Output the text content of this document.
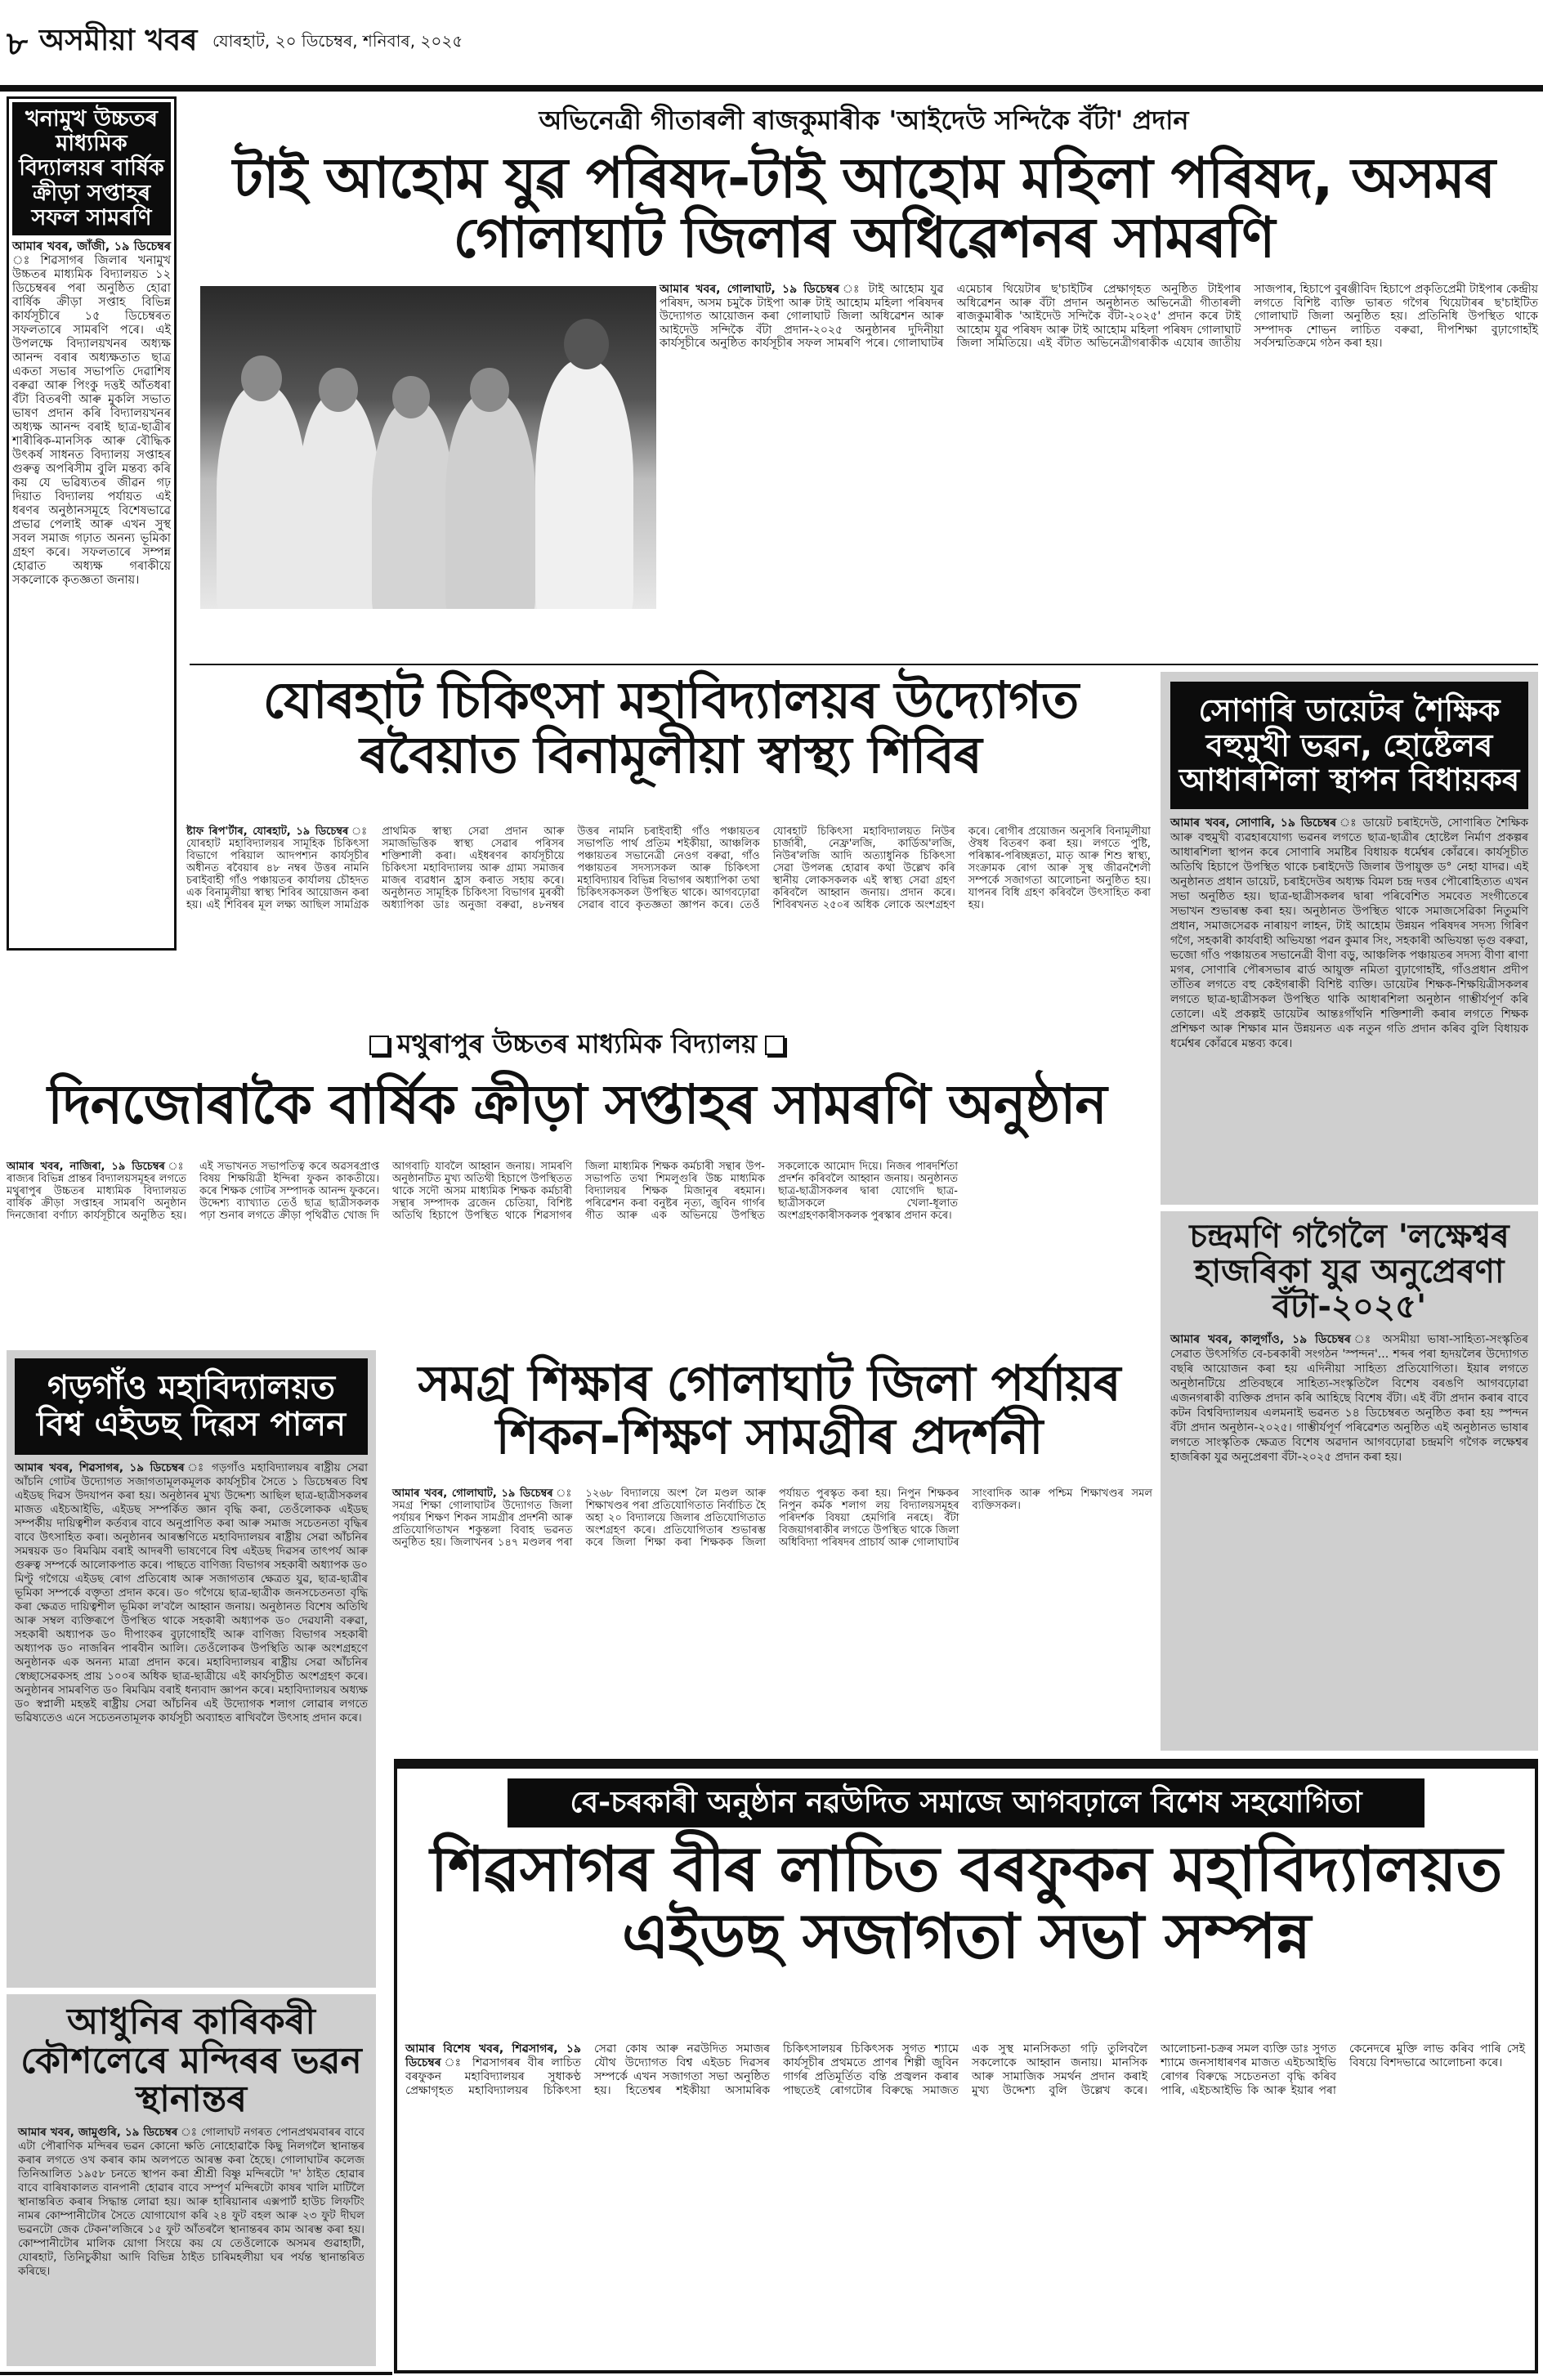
৮ অসমীয়া খবৰ যোৰহাট, ২০ ডিচেম্বৰ, শনিবাৰ, ২০২৫
খনামুখ উচ্চতৰ মাধ্যমিক বিদ্যালয়ৰ বাৰ্ষিক ক্ৰীড়া সপ্তাহৰ সফল সামৰণি

আমাৰ খবৰ, জাঁজী, ১৯ ডিচেম্বৰ ঃ শিৱসাগৰ জিলাৰ খনামুখ উচ্চতৰ মাধ্যমিক বিদ্যালয়ত ১২ ডিচেম্বৰৰ পৰা অনুষ্ঠিত হোৱা বাৰ্ষিক ক্ৰীড়া সপ্তাহ বিভিন্ন কাৰ্যসূচীৰে ১৫ ডিচেম্বৰত সফলতাৰে সামৰণি পৰে। এই উপলক্ষে বিদ্যালয়খনৰ অধ্যক্ষ আনন্দ বৰাৰ অধ্যক্ষতাত ছাত্ৰ একতা সভাৰ সভাপতি দেৱাশিষ বৰুৱা আৰু পিংকু দত্তই আঁতধৰা বঁটা বিতৰণী আৰু মুকলি সভাত ভাষণ প্ৰদান কৰি বিদ্যালয়খনৰ অধ্যক্ষ আনন্দ বৰাই ছাত্ৰ-ছাত্ৰীৰ শাৰীৰিক-মানসিক আৰু বৌদ্ধিক উৎকৰ্ষ সাধনত বিদ্যালয় সপ্তাহৰ গুৰুত্ব অপৰিসীম বুলি মন্তব্য কৰি কয় যে ভৱিষ্যতৰ জীৱন গঢ় দিয়াত বিদ্যালয় পৰ্যায়ত এই ধৰণৰ অনুষ্ঠানসমূহে বিশেষভাৱে প্ৰভাৱ পেলাই আৰু এখন সুস্থ সবল সমাজ গঢ়াত অনন্য ভূমিকা গ্ৰহণ কৰে। সফলতাৰে সম্পন্ন হোৱাত অধ্যক্ষ গৰাকীয়ে সকলোকে কৃতজ্ঞতা জনায়।

অভিনেত্ৰী গীতাৰলী ৰাজকুমাৰীক 'আইদেউ সন্দিকৈ বঁটা' প্ৰদান
টাই আহোম যুৱ পৰিষদ-টাই আহোম মহিলা পৰিষদ, অসমৰ গোলাঘাট জিলাৰ অধিৱেশনৰ সামৰণি

আমাৰ খবৰ, গোলাঘাট, ১৯ ডিচেম্বৰ ঃ টাই আহোম যুৱ পৰিষদ, অসম চমুকৈ টাইপা আৰু টাই আহোম মহিলা পৰিষদৰ উদ্যোগত আয়োজন কৰা গোলাঘাট জিলা অধিৱেশন আৰু আইদেউ সন্দিকৈ বঁটা প্ৰদান-২০২৫ অনুষ্ঠানৰ দুদিনীয়া কাৰ্যসূচীৰে অনুষ্ঠিত কাৰ্যসূচীৰ সফল সামৰণি পৰে। গোলাঘাটৰ এমেচাৰ থিয়েটাৰ ছ'চাইটিৰ প্ৰেক্ষাগৃহত অনুষ্ঠিত টাইপাৰ অধিৱেশন আৰু বঁটা প্ৰদান অনুষ্ঠানত অভিনেত্ৰী গীতাৰলী ৰাজকুমাৰীক 'আইদেউ সন্দিকৈ বঁটা-২০২৫' প্ৰদান কৰে টাই আহোম যুৱ পৰিষদ আৰু টাই আহোম মহিলা পৰিষদ গোলাঘাট জিলা সমিতিয়ে। এই বঁটাত অভিনেত্ৰীগৰাকীক এযোৰ জাতীয় সাজপাৰ, হিচাপে বুৰঞ্জীবিদ হিচাপে প্ৰকৃতিপ্ৰেমী টাইপাৰ কেন্দ্ৰীয় লগতে বিশিষ্ট ব্যক্তি ভাৰত গগৈৰ থিয়েটাৰৰ ছ'চাইটিত গোলাঘাট জিলা অনুষ্ঠিত হয়। প্ৰতিনিধি উপস্থিত থাকে সম্পাদক শোভন লাচিত বৰুৱা, দীপশিক্ষা বুঢ়াগোহাঁই সৰ্বসন্মতিক্ৰমে গঠন কৰা হয়।

যোৰহাট চিকিৎসা মহাবিদ্যালয়ৰ উদ্যোগত ৰবৈয়াত বিনামূলীয়া স্বাস্থ্য শিবিৰ

ষ্টাফ ৰিপ'ৰ্টাৰ, যোৰহাট, ১৯ ডিচেম্বৰ যোৰহাট মহাবিদ্যালয়ৰ সামূহিক চিকিৎসা বিভাগে পৰিয়াল আদপশ্যন কাৰ্যসূচীৰ অধীনত ৰবৈয়াৰ ৪৮ নম্বৰ উত্তৰ নামনি চৰাইবাহী গাঁও পঞ্চায়তৰ কাৰ্যালয় চৌহদত এক বিনামূলীয়া স্বাস্থ্য শিবিৰ আয়োজন কৰা হয়। এই শিবিৰৰ মূল লক্ষ্য আছিল সামগ্ৰিক প্ৰাথমিক স্বাস্থ্য সেৱা প্ৰদান আৰু সমাজভিত্তিক স্বাস্থ্য সেৱাৰ পৰিসৰ শক্তিশালী কৰা। এইধৰণৰ কাৰ্যসূচীয়ে চিকিৎসা মহাবিদ্যালয় আৰু গ্ৰাম্য সমাজৰ মাজৰ ব্যৱধান হ্ৰাস কৰাত সহায় কৰে। অনুষ্ঠানত সামূহিক চিকিৎসা বিভাগৰ মুৰব্বী অধ্যাপিকা ডাঃ অনুজা বৰুৱা, ৪৮নম্বৰ উত্তৰ নামনি চৰাইবাহী গাঁও পঞ্চায়তৰ সভাপতি পাৰ্থ প্ৰতিম শইকীয়া, আঞ্চলিক পঞ্চায়তৰ সভানেত্ৰী নেওগ বৰুৱা, গাঁও পঞ্চায়তৰ সদস্যসকল আৰু চিকিৎসা মহাবিদ্যায়ৰ বিভিন্ন বিভাগৰ অধ্যাপিকা তথা চিকিৎসকসকল উপস্থিত থাকে। আগবঢ়োৱা সেৱাৰ বাবে কৃতজ্ঞতা জ্ঞাপন কৰে। তেওঁ যোৰহাট চিকিৎসা মহাবিদ্যালয়ত নিউৰ চাৰ্জাৰী, নেফ্ৰ'লজি, কাৰ্ডিঅ'লজি, নিউৰ'লজি আদি অত্যাধুনিক চিকিৎসা সেৱা উপলব্ধ হোৱাৰ কথা উল্লেখ কৰি স্থানীয় লোকসকলক এই স্বাস্থ্য সেৱা গ্ৰহণ কৰিবলৈ আহ্বান জনায়। প্ৰদান কৰে। শিবিৰখনত ২৫০ৰ অধিক লোকে অংশগ্ৰহণ কৰে। ৰোগীৰ প্ৰয়োজন অনুসৰি বিনামূলীয়া ঔষধ বিতৰণ কৰা হয়। লগতে পুষ্টি, পৰিষ্কাৰ-পৰিচ্ছন্নতা, মাতৃ আৰু শিশু স্বাস্থ্য, সংক্ৰামক ৰোগ আৰু সুস্থ জীৱনশৈলী সম্পৰ্কে সজাগতা আলোচনা অনুষ্ঠিত হয়। যাপনৰ বিধি গ্ৰহণ কৰিবলৈ উৎসাহিত কৰা হয়।

সোণাৰি ডায়েটৰ শৈক্ষিক বহুমুখী ভৱন, হোষ্টেলৰ আধাৰশিলা স্থাপন বিধায়কৰ

আমাৰ খবৰ, সোণাৰি, ১৯ ডিচেম্বৰ ঃ ডায়েট চৰাইদেউ, সোণাৰিত শৈক্ষিক আৰু বহুমুখী ব্যৱহাৰযোগ্য ভৱনৰ লগতে ছাত্ৰ-ছাত্ৰীৰ হোষ্টেল নিৰ্মাণ প্ৰকল্পৰ আধাৰশিলা স্থাপন কৰে সোণাৰি সমষ্টিৰ বিধায়ক ধৰ্মেশ্বৰ কোঁৱৰে। কাৰ্যসূচীত অতিথি হিচাপে উপস্থিত থাকে চৰাইদেউ জিলাৰ উপায়ুক্ত ড° নেহা যাদৱ। এই অনুষ্ঠানত প্ৰধান ডায়েট, চৰাইদেউৰ অধ্যক্ষ বিমল চন্দ্ৰ দত্তৰ পৌৰোহিত্যত এখন সভা অনুষ্ঠিত হয়। ছাত্ৰ-ছাত্ৰীসকলৰ দ্বাৰা পৰিবেশিত সমবেত সংগীতেৰে সভাখন শুভাৰম্ভ কৰা হয়। অনুষ্ঠানত উপস্থিত থাকে সমাজসেৱিকা নিতুমণি প্ৰধান, সমাজসেৱক নাৰায়ণ লাহন, টাই আহোম উন্নয়ন পৰিষদৰ সদস্য গিৰিণ গগৈ, সহকাৰী কাৰ্যবাহী অভিযন্তা পৱন কুমাৰ সিং, সহকাৰী অভিযন্তা ভৃগু বৰুৱা, ভজো গাঁও পঞ্চায়তৰ সভানেত্ৰী বীণা বড়ু, আঞ্চলিক পঞ্চায়তৰ সদস্য বীণা ৰাণা মগৰ, সোণাৰি পৌৰসভাৰ ৱাৰ্ড আয়ুক্ত নমিতা বুঢ়াগোহাঁই, গাঁওপ্ৰধান প্ৰদীপ তাঁতিৰ লগতে বহু কেইগৰাকী বিশিষ্ট ব্যক্তি। ডায়েটৰ শিক্ষক-শিক্ষয়িত্ৰীসকলৰ লগতে ছাত্ৰ-ছাত্ৰীসকল উপস্থিত থাকি আধাৰশিলা অনুষ্ঠান গাম্ভীৰ্যপূৰ্ণ কৰি তোলে। এই প্ৰকল্পই ডায়েটৰ আন্তঃগাঁথনি শক্তিশালী কৰাৰ লগতে শিক্ষক প্ৰশিক্ষণ আৰু শিক্ষাৰ মান উন্নয়নত এক নতুন গতি প্ৰদান কৰিব বুলি বিধায়ক ধৰ্মেশ্বৰ কোঁৱৰে মন্তব্য কৰে।

মথুৰাপুৰ উচ্চতৰ মাধ্যমিক বিদ্যালয়
দিনজোৰাকৈ বাৰ্ষিক ক্ৰীড়া সপ্তাহৰ সামৰণি অনুষ্ঠান

আমাৰ খবৰ, নাজিৰা, ১৯ ডিচেম্বৰ ৰাজ্যৰ বিভিন্ন প্ৰান্তৰ বিদ্যালয়সমূহৰ লগতে মথুৰাপুৰ উচ্চতৰ মাধ্যমিক বিদ্যালয়ত বাৰ্ষিক ক্ৰীড়া সপ্তাহৰ সামৰণি অনুষ্ঠান দিনজোৰা বৰ্ণাঢ্য কাৰ্যসূচীৰে অনুষ্ঠিত হয়। এই সভাখনত সভাপতিত্ব কৰে অৱসৰপ্ৰাপ্ত বিষয় শিক্ষয়িত্ৰী ইন্দিৰা ফুকন কাকতীয়ে। কৰে শিক্ষক গোটৰ সম্পাদক আনন্দ ফুকনে। উদ্দেশ্য ব্যাখ্যাত তেওঁ ছাত্ৰ ছাত্ৰীসকলক পঢ়া শুনাৰ লগতে ক্ৰীড়া পৃথিৱীত খোজ দি আগবাঢ়ি যাবলৈ আহ্বান জনায়। সামৰণি অনুষ্ঠানটিত মুখ্য অতিথী হিচাপে উপস্থিতত থাকে সদৌ অসম মাধ্যমিক শিক্ষক কৰ্মচাৰী সন্থাৰ সম্পাদক ব্ৰজেন চেতিয়া, বিশিষ্ট অতিথি হিচাপে উপস্থিত থাকে শিৱসাগৰ জিলা মাধ্যমিক শিক্ষক কৰ্মচাৰী সন্থাৰ উপ-সভাপতি তথা শিমলুগুৰি উচ্চ মাধ্যমিক বিদ্যালয়ৰ শিক্ষক মিজানুৰ ৰহমান। পৰিৱেশন কৰা বনুষ্টৰ নৃত্য, জুবিন গাৰ্গৰ গীত আৰু এক অভিনয়ে উপস্থিত সকলোকে আমোদ দিয়ে। নিজৰ পাৰদৰ্শিতা প্ৰদৰ্শন কৰিবলৈ আহ্বান জনায়। অনুষ্ঠানত ছাত্ৰ-ছাত্ৰীসকলৰ দ্বাৰা যোগেদি ছাত্ৰ-ছাত্ৰীসকলে খেলা-ধূলাত অংশগ্ৰহণকাৰীসকলক পুৰস্কাৰ প্ৰদান কৰে।

চন্দ্ৰমণি গগৈলৈ 'লক্ষেশ্বৰ হাজৰিকা যুৱ অনুপ্ৰেৰণা বঁটা-২০২৫'

আমাৰ খবৰ, কালুগাঁও, ১৯ ডিচেম্বৰ ঃ অসমীয়া ভাষা-সাহিত্য-সংস্কৃতিৰ সেৱাত উৎসৰ্গিত বে-চৰকাৰী সংগঠন 'স্পন্দন'... শব্দৰ পৰা হৃদয়লৈৰ উদ্যোগত বছৰি আয়োজন কৰা হয় এদিনীয়া সাহিত্য প্ৰতিযোগিতা। ইয়াৰ লগতে অনুষ্ঠানটিয়ে প্ৰতিবছৰে সাহিত্য-সংস্কৃতিলৈ বিশেষ বৰঙণি আগবঢ়োৱা এজনগৰাকী ব্যক্তিক প্ৰদান কৰি আহিছে বিশেষ বঁটা। এই বঁটা প্ৰদান কৰাৰ বাবে কটন বিশ্ববিদ্যালয়ৰ এলমনাই ভৱনত ১৪ ডিচেম্বৰত অনুষ্ঠিত কৰা হয় স্পন্দন বঁটা প্ৰদান অনুষ্ঠান-২০২৫। গাম্ভীৰ্যপূৰ্ণ পৰিৱেশত অনুষ্ঠিত এই অনুষ্ঠানত ভাষাৰ লগতে সাংস্কৃতিক ক্ষেত্ৰত বিশেষ অৱদান আগবঢ়োৱা চন্দ্ৰমণি গগৈক লক্ষেশ্বৰ হাজৰিকা যুৱ অনুপ্ৰেৰণা বঁটা-২০২৫ প্ৰদান কৰা হয়।

গড়গাঁও মহাবিদ্যালয়ত বিশ্ব এইডছ দিৱস পালন

আমাৰ খবৰ, শিৱসাগৰ, ১৯ ডিচেম্বৰ ঃ গড়গাঁও মহাবিদ্যালয়ৰ ৰাষ্ট্ৰীয় সেৱা আঁচনি গোটৰ উদ্যোগত সজাগতামূলকমূলক কাৰ্যসূচীৰ সৈতে ১ ডিচেম্বৰত বিশ্ব এইডছ দিৱস উদযাপন কৰা হয়। অনুষ্ঠানৰ মুখ্য উদ্দেশ্য আছিল ছাত্ৰ-ছাত্ৰীসকলৰ মাজত এইচআইভি, এইডছ সম্পৰ্কিত জ্ঞান বৃদ্ধি কৰা, তেওঁলোকক এইডছ সম্পৰ্কীয় দায়িত্বশীল কৰ্তব্যৰ বাবে অনুপ্ৰাণিত কৰা আৰু সমাজ সচেতনতা বৃদ্ধিৰ বাবে উৎসাহিত কৰা। অনুষ্ঠানৰ আৰম্ভণিতে মহাবিদ্যালয়ৰ ৰাষ্ট্ৰীয় সেৱা আঁচনিৰ সমন্বয়ক ড০ ৰিমঝিম বৰাই আদৰণী ভাষণেৰে বিশ্ব এইডছ দিৱসৰ তাৎপৰ্য আৰু গুৰুত্ব সম্পৰ্কে আলোকপাত কৰে। পাছতে বাণিজ্য বিভাগৰ সহকাৰী অধ্যাপক ড০ মিণ্টু গগৈয়ে এইডছ ৰোগ প্ৰতিৰোধ আৰু সজাগতাৰ ক্ষেত্ৰত যুৱ, ছাত্ৰ-ছাত্ৰীৰ ভূমিকা সম্পৰ্কে বক্তৃতা প্ৰদান কৰে। ড০ গগৈয়ে ছাত্ৰ-ছাত্ৰীক জনসচেতনতা বৃদ্ধি কৰা ক্ষেত্ৰত দায়িত্বশীল ভূমিকা ল'বলৈ আহ্বান জনায়। অনুষ্ঠানত বিশেষ অতিথি আৰু সম্বল ব্যক্তিৰূপে উপস্থিত থাকে সহকাৰী অধ্যাপক ড০ দেৱযানী বৰুৱা, সহকাৰী অধ্যাপক ড০ দীপাংকৰ বুঢ়াগোহাঁই আৰু বাণিজ্য বিভাগৰ সহকাৰী অধ্যাপক ড০ নাজৰিন পাৰবীন আলি। তেওঁলোকৰ উপস্থিতি আৰু অংশগ্ৰহণে অনুষ্ঠানক এক অনন্য মাত্ৰা প্ৰদান কৰে। মহাবিদ্যালয়ৰ ৰাষ্ট্ৰীয় সেৱা আঁচনিৰ স্বেচ্ছাসেৱকসহ প্ৰায় ১০০ৰ অধিক ছাত্ৰ-ছাত্ৰীয়ে এই কাৰ্যসূচীত অংশগ্ৰহণ কৰে। অনুষ্ঠানৰ সামৰণিত ড০ ৰিমঝিম বৰাই ধন্যবাদ জ্ঞাপন কৰে। মহাবিদ্যালয়ৰ অধ্যক্ষ ড০ স্বপ্নালী মহন্তই ৰাষ্ট্ৰীয় সেৱা আঁচনিৰ এই উদ্যোগক শলাগ লোৱাৰ লগতে ভৱিষ্যতেও এনে সচেতনতামূলক কাৰ্যসূচী অব্যাহত ৰাখিবলৈ উৎসাহ প্ৰদান কৰে।

সমগ্ৰ শিক্ষাৰ গোলাঘাট জিলা পৰ্যায়ৰ শিকন-শিক্ষণ সামগ্ৰীৰ প্ৰদৰ্শনী

আমাৰ খবৰ, গোলাঘাট, ১৯ ডিচেম্বৰ সমগ্ৰ শিক্ষা গোলাঘাটৰ উদ্যোগত জিলা পৰ্যায়ৰ শিক্ষণ শিকন সামগ্ৰীৰ প্ৰদৰ্শনী আৰু প্ৰতিযোগিতাখন শকুন্তলা বিবাহ ভৱনত অনুষ্ঠিত হয়। জিলাখনৰ ১৪৭ মণ্ডলৰ পৰা ১২৬৮ বিদ্যালয়ে অংশ লৈ মণ্ডল আৰু শিক্ষাখণ্ডৰ পৰা প্ৰতিযোগিতাত নিৰ্বাচিত হৈ অহা ২০ বিদ্যালয়ে জিলাৰ প্ৰতিযোগিতাত অংশগ্ৰহণ কৰে। প্ৰতিযোগিতাৰ শুভাৰম্ভ কৰে জিলা শিক্ষা কৰা শিক্ষকক জিলা পৰ্যায়ত পুৰস্কৃত কৰা হয়। নিপুন শিক্ষকৰ নিপুন কৰ্মক শলাগ লয় বিদ্যালয়সমূহৰ পৰিদৰ্শক বিষয়া হেমগিৰি নৰহে। বঁটা বিজয়াগৰাকীৰ লগতে উপস্থিত থাকে জিলা অধিবিদ্যা পৰিষদৰ প্ৰাচাৰ্য আৰু গোলাঘাটৰ সাংবাদিক আৰু পশ্চিম শিক্ষাখণ্ডৰ সমল ব্যক্তিসকল।

বে-চৰকাৰী অনুষ্ঠান নৱউদিত সমাজে আগবঢ়ালে বিশেষ সহযোগিতা
শিৱসাগৰ বীৰ লাচিত বৰফুকন মহাবিদ্যালয়ত এইডছ সজাগতা সভা সম্পন্ন

আমাৰ বিশেষ খবৰ, শিৱসাগৰ, ১৯ ডিচেম্বৰ ঃ শিৱসাগৰৰ বীৰ লাচিত বৰফুকন মহাবিদ্যালয়ৰ সুধাকণ্ঠ প্ৰেক্ষাগৃহত মহাবিদ্যালয়ৰ চিকিৎসা সেৱা কোষ আৰু নৱউদিত সমাজৰ যৌথ উদ্যোগত বিশ্ব এইডচ দিৱসৰ সম্পৰ্কে এখন সজাগতা সভা অনুষ্ঠিত হয়। হিতেশ্বৰ শইকীয়া অসামৰিক চিকিৎসালয়ৰ চিকিৎসক সুগত শ্যামে কাৰ্যসূচীৰ প্ৰথমতে প্ৰাণৰ শিল্পী জুবিন গাৰ্গৰ প্ৰতিমূৰ্তিত বন্তি প্ৰজ্বলন কৰাৰ পাছতেই ৰোগটোৰ বিৰুদ্ধে সমাজত এক সুস্থ মানসিকতা গঢ়ি তুলিবলৈ সকলোকে আহ্বান জনায়। মানসিক আৰু সামাজিক সমৰ্থন প্ৰদান কৰাই মুখ্য উদ্দেশ্য বুলি উল্লেখ কৰে। আলোচনা-চক্ৰৰ সমল ব্যক্তি ডাঃ সুগত শ্যামে জনসাধাৰণৰ মাজত এইচআইভি ৰোগৰ বিৰুদ্ধে সচেতনতা বৃদ্ধি কৰিব পাৰি, এইচআইভি কি আৰু ইয়াৰ পৰা কেনেদৰে মুক্তি লাভ কৰিব পাৰি সেই বিষয়ে বিশদভাৱে আলোচনা কৰে।

আধুনিৰ কাৰিকৰী কৌশলেৰে মন্দিৰৰ ভৱন স্থানান্তৰ

আমাৰ খবৰ, জামুগুৰি, ১৯ ডিচেম্বৰ ঃ গোলাঘট নগৰত পোনপ্ৰথমবাৰৰ বাবে এটা পৌৰাণিক মন্দিৰৰ ভৱন কোনো ক্ষতি নোহোৱাকৈ কিছু নিলগলৈ স্থানান্তৰ কৰাৰ লগতে ওখ কৰাৰ কাম অলপতে আৰম্ভ কৰা হৈছে। গোলাঘাটৰ কলেজ তিনিআলিত ১৯৫৮ চনতে স্থাপন কৰা শ্ৰীশ্ৰী বিষ্ণু মন্দিৰটো 'দ' ঠাইত হোৱাৰ বাবে বাৰিষাকালত বানপানী হোৱাৰ বাবে সম্পূৰ্ণ মন্দিৰটো কাষৰ খালি মাটিলৈ স্থানান্তৰিত কৰাৰ সিদ্ধান্ত লোৱা হয়। আৰু হাৰিয়ানাৰ এক্সপাৰ্ট হাউচ লিফটিং নামৰ কোম্পানীটোৰ সৈতে যোগাযোগ কৰি ২৪ ফুট বহল আৰু ২৩ ফুট দীঘল ভৱনটো জেক টেকন'লজিৰে ১৫ ফুট আঁতৰলৈ স্থানান্তৰৰ কাম আৰম্ভ কৰা হয়। কোম্পানীটোৰ মালিক য়োগা সিংয়ে কয় যে তেওঁলোকে অসমৰ গুৱাহাটী, যোৰহাট, তিনিচুকীয়া আদি বিভিন্ন ঠাইত চাৰিমহলীয়া ঘৰ পৰ্যন্ত স্থানান্তৰিত কৰিছে।
